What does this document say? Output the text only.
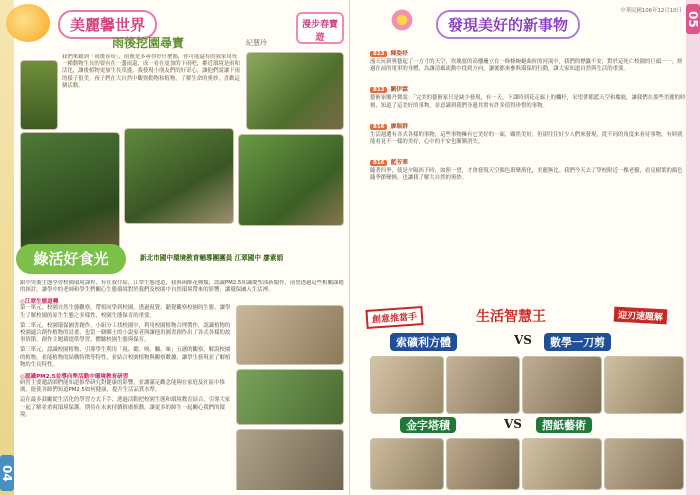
04
美麗馨世界	漫步春寶遊
雨後挖園尋寶	紀慧玲
我們來聽到「雨後春筍」，雨後是多尋得好什麼都，你可能還有的我家用每一種動物生長的要有在一盞雨還，成一看在更加的下雨吧，鄰近環境是雨和活化，讓後植物更加生長茂盛，我發現小朋友們的好奇心，讓他們說讓下雨的樣子很美。孩子們在大自然中觀察動物和植物，了解生命的奧妙，喜歡這個活動。
綠活好食光	新北市國中環境教育輔導團團員 江翠國中 廖素娟
跟中央後生態學習校園環境課程，有在我介紹，江翠生態池道，我與函師花種類，認識PM2.5知識慶聖油新聞作，前望透過這些相關課題的探討，讓學中的老師和學生們關心生態環境對於我們及校園中自然環境帶來的影響，讓環保融入生活裡。
◎江翠生態道轉
第一單元，校園自然生態觀察，帶領同學到校園，透過視覺、聽覺觀察校園的生態，讓學生了解校園的原生生態之多樣性，校園生態保育的重要。
第二單元，校園環保圖書創作，小組分工找校園中，利用校園植物合理製作，認識植物的校園適合創作植物的詩畫，也當一個鄉土的小說家者與讓他用圖書創作出了各式各樣的故事情節，創作主題藉提供學習，體驗校園生態與保育。
第三單元，認識校園植物，引導學生利用「視、聽、嗅、觸、味」五感的觀察，解說校園的植物，並能植物的結構特徵等特性，並結合校園植物與觀察數據，讓學生發現並了解植物的生長特性。
◎認識PM2.5並導向準活動中環境教育研習
研習主要邀請師們能知道推準研究對健康的影響，並讓滿足觀念能夠在家庭及社區中推廣，能使各師們知道PM2.5如何健康，提升生活品質水準。
這在最多鼓勵從生活化的學習方式下手，透過活動把校園生態和環境教育結合，引導大家一起了解並重視環境保護。期待在未來持續推廣推動，讓更多的師生一起關心我們的環境。
05
中華民國106年12月10日
發現美好的新事物
813 陳姿妤
漫天玩新奧藝起了一方寸的天空，玫瑰慈的高樓矗立在一條條蜿蜒曲折的河流中，我們的標籤不安，對於這死亡校園的巨頭一一。經過在前的電車的身體，為讓清風流動中找到方向，讓後都來參與環保的行動，讓大家知道自然與生活的重要。
813 劉伊霖
藝術家雕丹舞說：「完美的藝術家只是缺少發現，有一天，下課時到花走廊上的欄杆，采望著都藍天空和麋鹿，讓我們在那些美麗的時刻，知道了這美好的事物，並意識到我們身邊其實有許多值得珍惜的事物。
816 廖瑞群
生活週遭有各式各樣的事物，這些事物擁有它美好的一面，雖然美好，但卻往往好少人們來發現，從不同的角度來看待事物，有時就能看見不一樣的美好，心中的不安也漸漸消失。
816 藍芳華
隨著四季，使是夕陽西下時，如照一望，才會發現天空顏色萬變萬化，美麗無比。我們今天去了學校附近一棵老樹，看見樹葉的顏色隨季節變換，也讓我了解大自然的奧妙。
創意推當手	生活智慧王	迎刃速題解
索礦利方體	VS	數學一刀剪
金字塔積	VS	摺紙藝術
